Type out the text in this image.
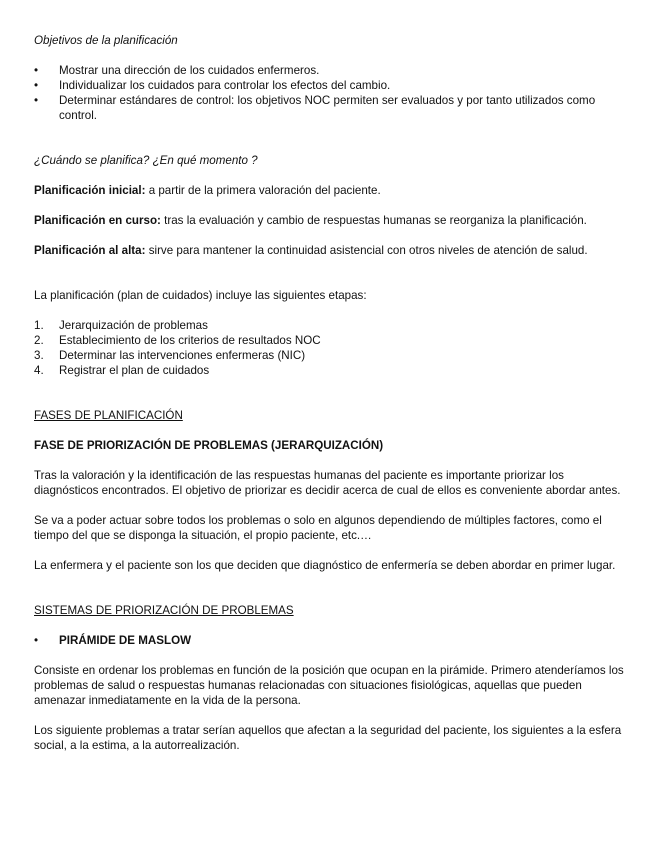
Objetivos de la planificación

• Mostrar una dirección de los cuidados enfermeros.
• Individualizar los cuidados para controlar los efectos del cambio.
• Determinar estándares de control: los objetivos NOC permiten ser evaluados y por tanto utilizados como control.

¿Cuándo se planifica? ¿En qué momento ?

Planificación inicial: a partir de la primera valoración del paciente.

Planificación en curso: tras la evaluación y cambio de respuestas humanas se reorganiza la planificación.

Planificación al alta: sirve para mantener la continuidad asistencial con otros niveles de atención de salud.

La planificación (plan de cuidados) incluye las siguientes etapas:

1. Jerarquización de problemas
2. Establecimiento de los criterios de resultados NOC
3. Determinar las intervenciones enfermeras (NIC)
4. Registrar el plan de cuidados

FASES DE PLANIFICACIÓN

FASE DE PRIORIZACIÓN DE PROBLEMAS (JERARQUIZACIÓN)

Tras la valoración y la identificación de las respuestas humanas del paciente es importante priorizar los diagnósticos encontrados. El objetivo de priorizar es decidir acerca de cual de ellos es conveniente abordar antes.

Se va a poder actuar sobre todos los problemas o solo en algunos dependiendo de múltiples factores, como el tiempo del que se disponga la situación, el propio paciente, etc.…

La enfermera y el paciente son los que deciden que diagnóstico de enfermería se deben abordar en primer lugar.

SISTEMAS DE PRIORIZACIÓN DE PROBLEMAS

• PIRÁMIDE DE MASLOW

Consiste en ordenar los problemas en función de la posición que ocupan en la pirámide. Primero atenderíamos los problemas de salud o respuestas humanas relacionadas con situaciones fisiológicas, aquellas que pueden amenazar inmediatamente en la vida de la persona.

Los siguiente problemas a tratar serían aquellos que afectan a la seguridad del paciente, los siguientes a la esfera social, a la estima, a la autorrealización.
